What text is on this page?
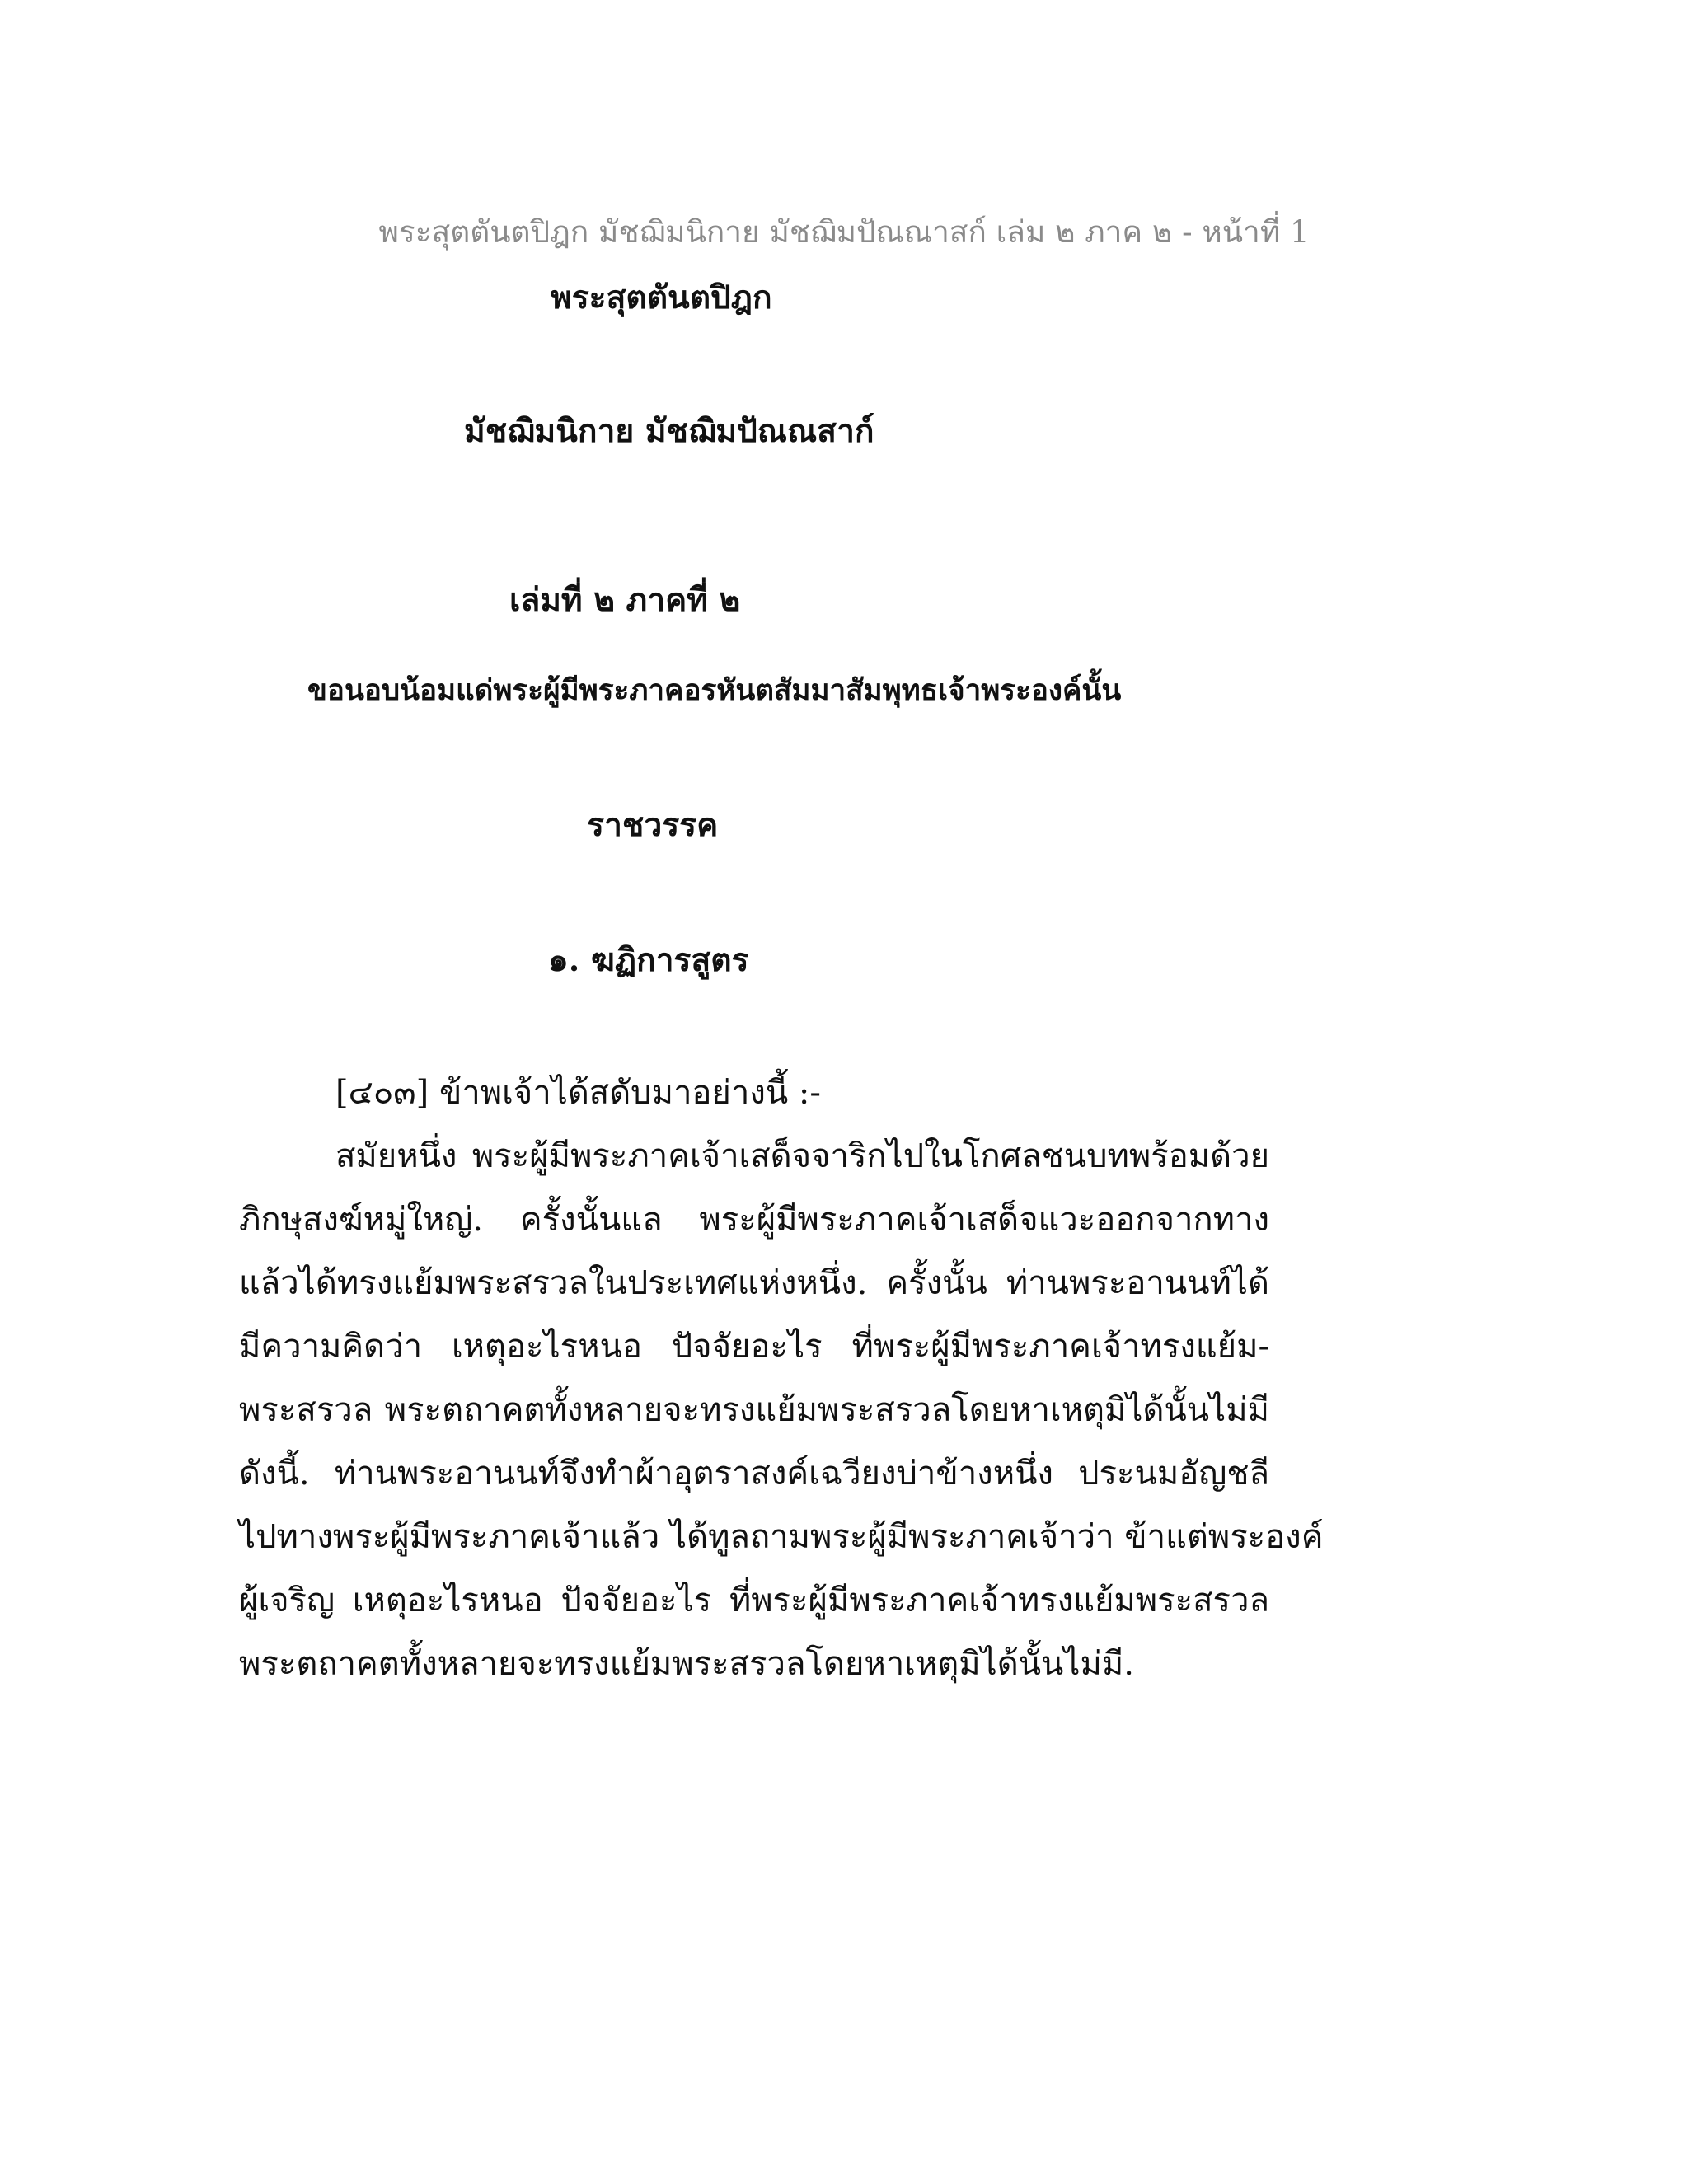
พระสุตตันตปิฎก มัชฌิมนิกาย มัชฌิมปัณณาสก์ เล่ม ๒ ภาค ๒ - หน้าที่ 1
พระสุตตันตปิฎก
มัชฌิมนิกาย มัชฌิมปัณณสาก์
เล่มที่ ๒ ภาคที่ ๒
ขอนอบน้อมแด่พระผู้มีพระภาคอรหันตสัมมาสัมพุทธเจ้าพระองค์นั้น
ราชวรรค
๑. ฆฏิการสูตร
[๔๐๓] ข้าพเจ้าได้สดับมาอย่างนี้ :-
สมัยหนึ่ง พระผู้มีพระภาคเจ้าเสด็จจาริกไปในโกศลชนบทพร้อมด้วย
ภิกษุสงฆ์หมู่ใหญ่. ครั้งนั้นแล พระผู้มีพระภาคเจ้าเสด็จแวะออกจากทาง
แล้วได้ทรงแย้มพระสรวลในประเทศแห่งหนึ่ง. ครั้งนั้น ท่านพระอานนท์ได้
มีความคิดว่า เหตุอะไรหนอ ปัจจัยอะไร ที่พระผู้มีพระภาคเจ้าทรงแย้ม-
พระสรวล พระตถาคตทั้งหลายจะทรงแย้มพระสรวลโดยหาเหตุมิได้นั้นไม่มี
ดังนี้. ท่านพระอานนท์จึงทำผ้าอุตราสงค์เฉวียงบ่าข้างหนึ่ง ประนมอัญชลี
ไปทางพระผู้มีพระภาคเจ้าแล้ว ได้ทูลถามพระผู้มีพระภาคเจ้าว่า ข้าแต่พระองค์
ผู้เจริญ เหตุอะไรหนอ ปัจจัยอะไร ที่พระผู้มีพระภาคเจ้าทรงแย้มพระสรวล
พระตถาคตทั้งหลายจะทรงแย้มพระสรวลโดยหาเหตุมิได้นั้นไม่มี.
